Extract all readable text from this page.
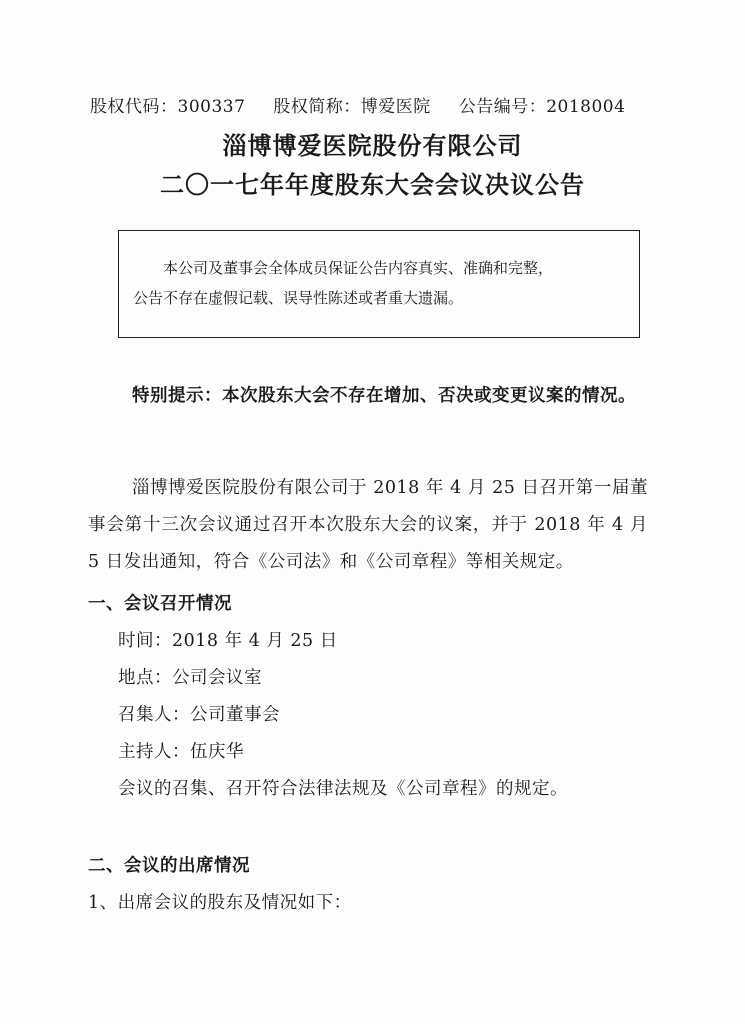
股权代码：300337 股权简称：博爱医院 公告编号：2018004
淄博博爱医院股份有限公司
二〇一七年年度股东大会会议决议公告
本公司及董事会全体成员保证公告内容真实、准确和完整，
公告不存在虚假记载、误导性陈述或者重大遗漏。
特别提示：本次股东大会不存在增加、否决或变更议案的情况。
淄博博爱医院股份有限公司于 2018 年 4 月 25 日召开第一届董事会第十三次会议通过召开本次股东大会的议案，并于 2018 年 4 月 5 日发出通知，符合《公司法》和《公司章程》等相关规定。
一、会议召开情况
时间：2018 年 4 月 25 日
地点：公司会议室
召集人：公司董事会
主持人：伍庆华
会议的召集、召开符合法律法规及《公司章程》的规定。
二、会议的出席情况
1、出席会议的股东及情况如下：
